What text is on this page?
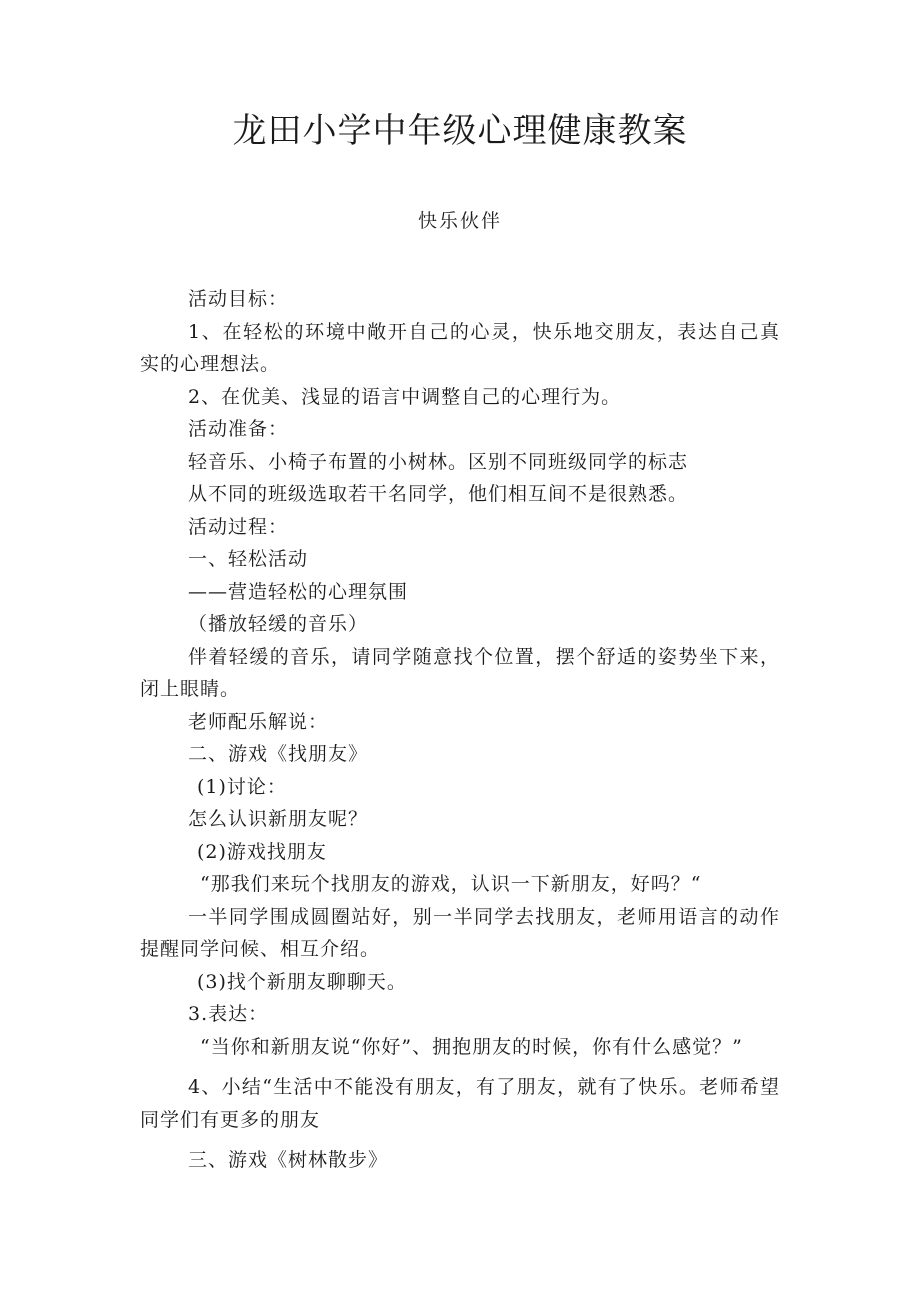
龙田小学中年级心理健康教案
快乐伙伴

活动目标：

1、在轻松的环境中敞开自己的心灵，快乐地交朋友，表达自己真实的心理想法。

2、在优美、浅显的语言中调整自己的心理行为。

活动准备：

轻音乐、小椅子布置的小树林。区别不同班级同学的标志

从不同的班级选取若干名同学，他们相互间不是很熟悉。

活动过程：

一、轻松活动

——营造轻松的心理氛围

（播放轻缓的音乐）

伴着轻缓的音乐，请同学随意找个位置，摆个舒适的姿势坐下来，闭上眼睛。

老师配乐解说：

二、游戏《找朋友》

(1)讨论：

怎么认识新朋友呢？

(2)游戏找朋友

“那我们来玩个找朋友的游戏，认识一下新朋友，好吗？“

一半同学围成圆圈站好，别一半同学去找朋友，老师用语言的动作提醒同学问候、相互介绍。

(3)找个新朋友聊聊天。

3.表达：

“当你和新朋友说“你好”、拥抱朋友的时候，你有什么感觉？”

4、小结“生活中不能没有朋友，有了朋友，就有了快乐。老师希望同学们有更多的朋友

三、游戏《树林散步》
